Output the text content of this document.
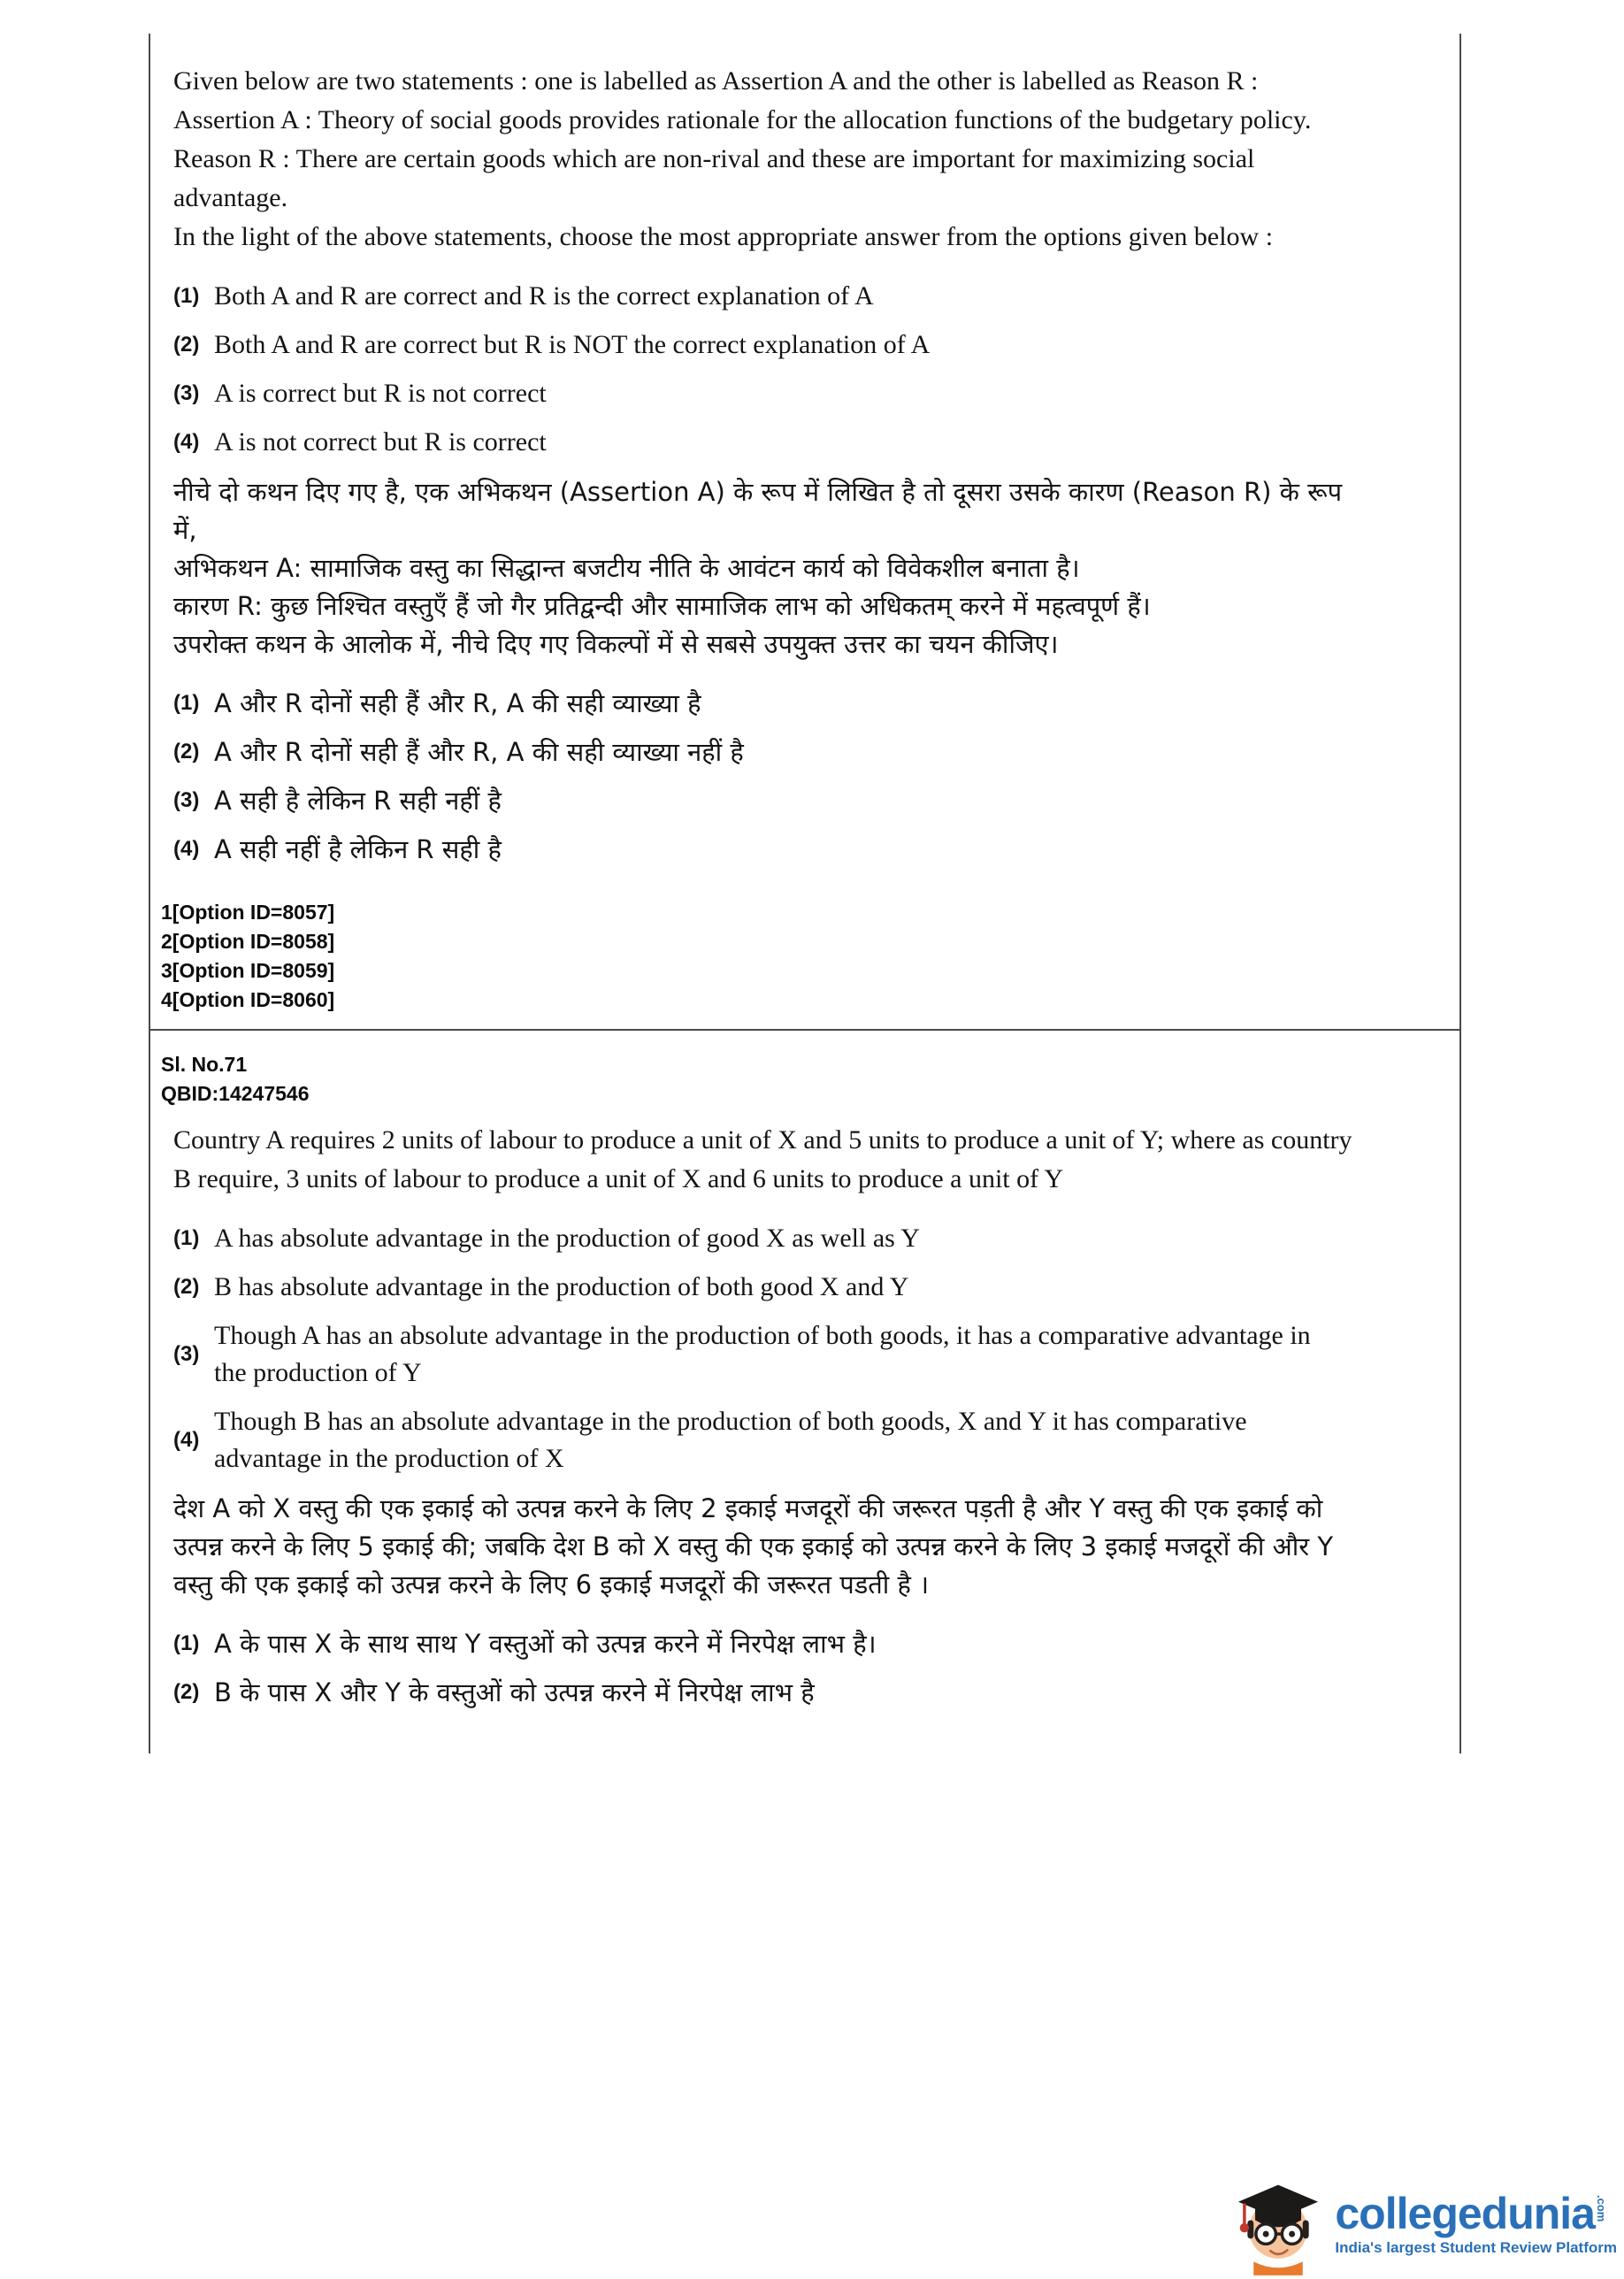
Given below are two statements : one is labelled as Assertion A and the other is labelled as Reason R :

Assertion A : Theory of social goods provides rationale for the allocation functions of the budgetary policy.

Reason R : There are certain goods which are non-rival and these are important for maximizing social advantage.

In the light of the above statements, choose the most appropriate answer from the options given below :

(1) Both A and R are correct and R is the correct explanation of A
(2) Both A and R are correct but R is NOT the correct explanation of A
(3) A is correct but R is not correct
(4) A is not correct but R is correct

नीचे दो कथन दिए गए है, एक अभिकथन (Assertion A) के रूप में लिखित है तो दूसरा उसके कारण (Reason R) के रूप में,

अभिकथन A: सामाजिक वस्तु का सिद्धान्त बजटीय नीति के आवंटन कार्य को विवेकशील बनाता है।

कारण R: कुछ निश्चित वस्तुएँ हैं जो गैर प्रतिद्वन्दी और सामाजिक लाभ को अधिकतम् करने में महत्वपूर्ण हैं।

उपरोक्त कथन के आलोक में, नीचे दिए गए विकल्पों में से सबसे उपयुक्त उत्तर का चयन कीजिए।

(1) A और R दोनों सही हैं और R, A की सही व्याख्या है
(2) A और R दोनों सही हैं और R, A की सही व्याख्या नहीं है
(3) A सही है लेकिन R सही नहीं है
(4) A सही नहीं है लेकिन R सही है
1[Option ID=8057]
2[Option ID=8058]
3[Option ID=8059]
4[Option ID=8060]
Sl. No.71
QBID:14247546

Country A requires 2 units of labour to produce a unit of X and 5 units to produce a unit of Y; where as country B require, 3 units of labour to produce a unit of X and 6 units to produce a unit of Y

(1) A has absolute advantage in the production of good X as well as Y
(2) B has absolute advantage in the production of both good X and Y
(3)
Though A has an absolute advantage in the production of both goods, it has a comparative advantage in the production of Y
(4)
Though B has an absolute advantage in the production of both goods, X and Y it has comparative advantage in the production of X

देश A को X वस्तु की एक इकाई को उत्पन्न करने के लिए 2 इकाई मजदूरों की जरूरत पड़ती है और Y वस्तु की एक इकाई को उत्पन्न करने के लिए 5 इकाई की; जबकि देश B को X वस्तु की एक इकाई को उत्पन्न करने के लिए 3 इकाई मजदूरों की और Y वस्तु की एक इकाई को उत्पन्न करने के लिए 6 इकाई मजदूरों की जरूरत पडती है ।

(1) A के पास X के साथ साथ Y वस्तुओं को उत्पन्न करने में निरपेक्ष लाभ है।
(2) B के पास X और Y के वस्तुओं को उत्पन्न करने में निरपेक्ष लाभ है
collegedunia .com
India's largest Student Review Platform
